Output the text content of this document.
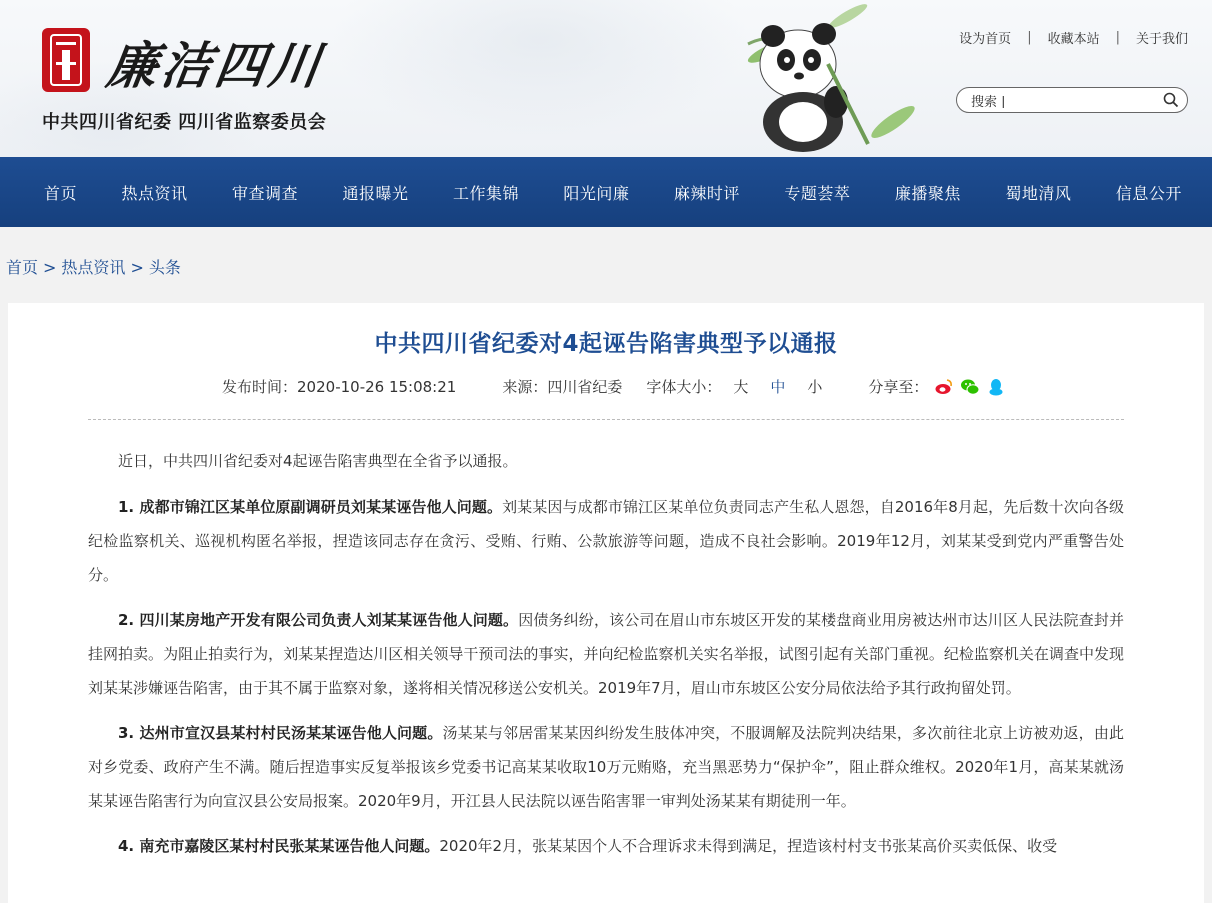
廉洁四川
中共四川省纪委 四川省监察委员会
设为首页 | 收藏本站 | 关于我们
搜索 |
首页	热点资讯	审查调查	通报曝光	工作集锦	阳光问廉	麻辣时评	专题荟萃	廉播聚焦	蜀地清风	信息公开
首页 > 热点资讯 > 头条
中共四川省纪委对4起诬告陷害典型予以通报
发布时间： 2020-10-26 15:08:21	来源： 四川省纪委 字体大小： 大 中 小	分享至：

近日，中共四川省纪委对4起诬告陷害典型在全省予以通报。

1. 成都市锦江区某单位原副调研员刘某某诬告他人问题。刘某某因与成都市锦江区某单位负责同志产生私人恩怨，自2016年8月起，先后数十次向各级纪检监察机关、巡视机构匿名举报，捏造该同志存在贪污、受贿、行贿、公款旅游等问题，造成不良社会影响。2019年12月，刘某某受到党内严重警告处分。

2. 四川某房地产开发有限公司负责人刘某某诬告他人问题。因债务纠纷，该公司在眉山市东坡区开发的某楼盘商业用房被达州市达川区人民法院查封并挂网拍卖。为阻止拍卖行为，刘某某捏造达川区相关领导干预司法的事实，并向纪检监察机关实名举报，试图引起有关部门重视。纪检监察机关在调查中发现刘某某涉嫌诬告陷害，由于其不属于监察对象，遂将相关情况移送公安机关。2019年7月，眉山市东坡区公安分局依法给予其行政拘留处罚。

3. 达州市宣汉县某村村民汤某某诬告他人问题。汤某某与邻居雷某某因纠纷发生肢体冲突，不服调解及法院判决结果，多次前往北京上访被劝返，由此对乡党委、政府产生不满。随后捏造事实反复举报该乡党委书记高某某收取10万元贿赂，充当黑恶势力“保护伞”，阻止群众维权。2020年1月，高某某就汤某某诬告陷害行为向宣汉县公安局报案。2020年9月，开江县人民法院以诬告陷害罪一审判处汤某某有期徒刑一年。

4. 南充市嘉陵区某村村民张某某诬告他人问题。2020年2月，张某某因个人不合理诉求未得到满足，捏造该村村支书张某高价买卖低保、收受
